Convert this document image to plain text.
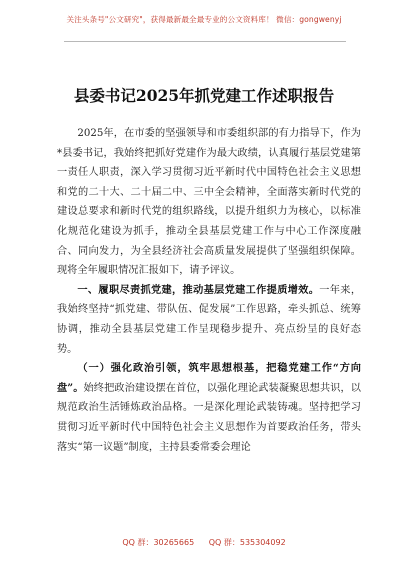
关注头条号"公文研究"，获得最新最全最专业的公文资料库！ 微信：gongwenyj
县委书记2025年抓党建工作述职报告

2025年，在市委的坚强领导和市委组织部的有力指导下，作为*县委书记，我始终把抓好党建作为最大政绩，认真履行基层党建第一责任人职责，深入学习贯彻习近平新时代中国特色社会主义思想和党的二十大、二十届二中、三中全会精神，全面落实新时代党的建设总要求和新时代党的组织路线，以提升组织力为核心，以标准化规范化建设为抓手，推动全县基层党建工作与中心工作深度融合、同向发力，为全县经济社会高质量发展提供了坚强组织保障。现将全年履职情况汇报如下，请予评议。

一、履职尽责抓党建，推动基层党建工作提质增效。一年来，我始终坚持“抓党建、带队伍、促发展”工作思路，牵头抓总、统筹协调，推动全县基层党建工作呈现稳步提升、亮点纷呈的良好态势。

（一）强化政治引领，筑牢思想根基，把稳党建工作“方向盘”。始终把政治建设摆在首位，以强化理论武装凝聚思想共识，以规范政治生活锤炼政治品格。一是深化理论武装铸魂。坚持把学习贯彻习近平新时代中国特色社会主义思想作为首要政治任务，带头落实“第一议题”制度，主持县委常委会理论

QQ 群：30265665 QQ 群：535304092
